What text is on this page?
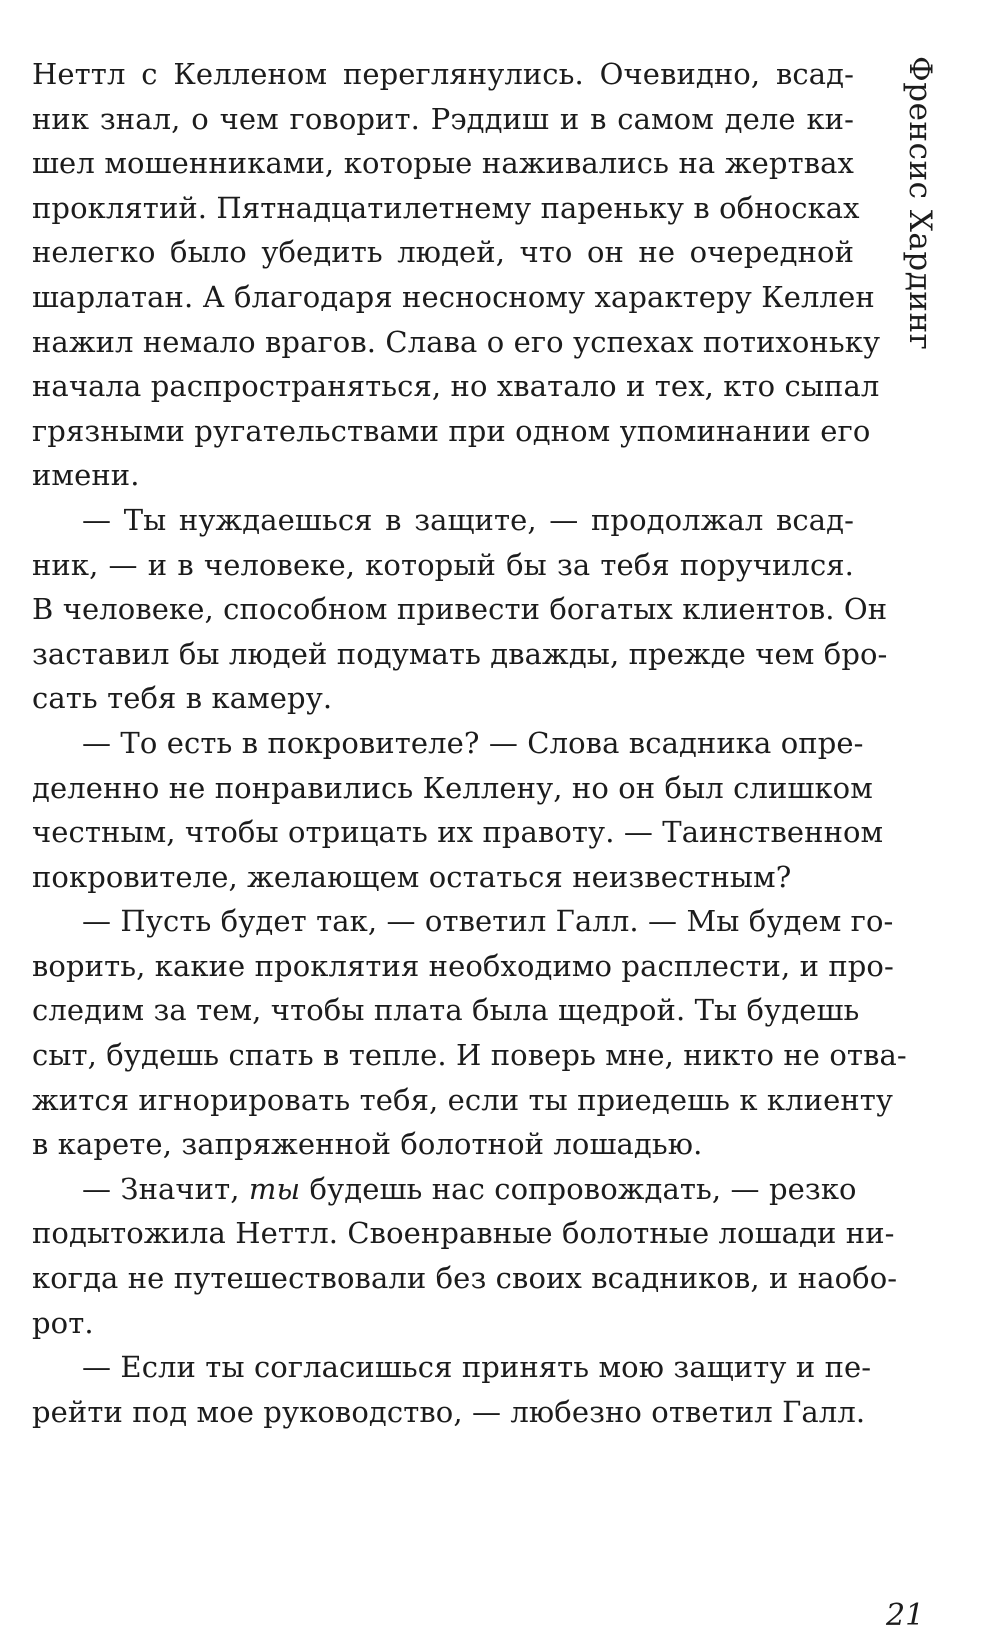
Френсис Хардинг
Неттл с Келленом переглянулись. Очевидно, всад-
ник знал, о чем говорит. Рэддиш и в самом деле ки-
шел мошенниками, которые наживались на жертвах
проклятий. Пятнадцатилетнему пареньку в обносках
нелегко было убедить людей, что он не очередной
шарлатан. А благодаря несносному характеру Келлен
нажил немало врагов. Слава о его успехах потихоньку
начала распространяться, но хватало и тех, кто сыпал
грязными ругательствами при одном упоминании его
имени.
— Ты нуждаешься в защите, — продолжал всад-
ник, — и в человеке, который бы за тебя поручился.
В человеке, способном привести богатых клиентов. Он
заставил бы людей подумать дважды, прежде чем бро-
сать тебя в камеру.
— То есть в покровителе? — Слова всадника опре-
деленно не понравились Келлену, но он был слишком
честным, чтобы отрицать их правоту. — Таинственном
покровителе, желающем остаться неизвестным?
— Пусть будет так, — ответил Галл. — Мы будем го-
ворить, какие проклятия необходимо расплести, и про-
следим за тем, чтобы плата была щедрой. Ты будешь
сыт, будешь спать в тепле. И поверь мне, никто не отва-
жится игнорировать тебя, если ты приедешь к клиенту
в карете, запряженной болотной лошадью.
— Значит, ты будешь нас сопровождать, — резко
подытожила Неттл. Своенравные болотные лошади ни-
когда не путешествовали без своих всадников, и наобо-
рот.
— Если ты согласишься принять мою защиту и пе-
рейти под мое руководство, — любезно ответил Галл.
21
